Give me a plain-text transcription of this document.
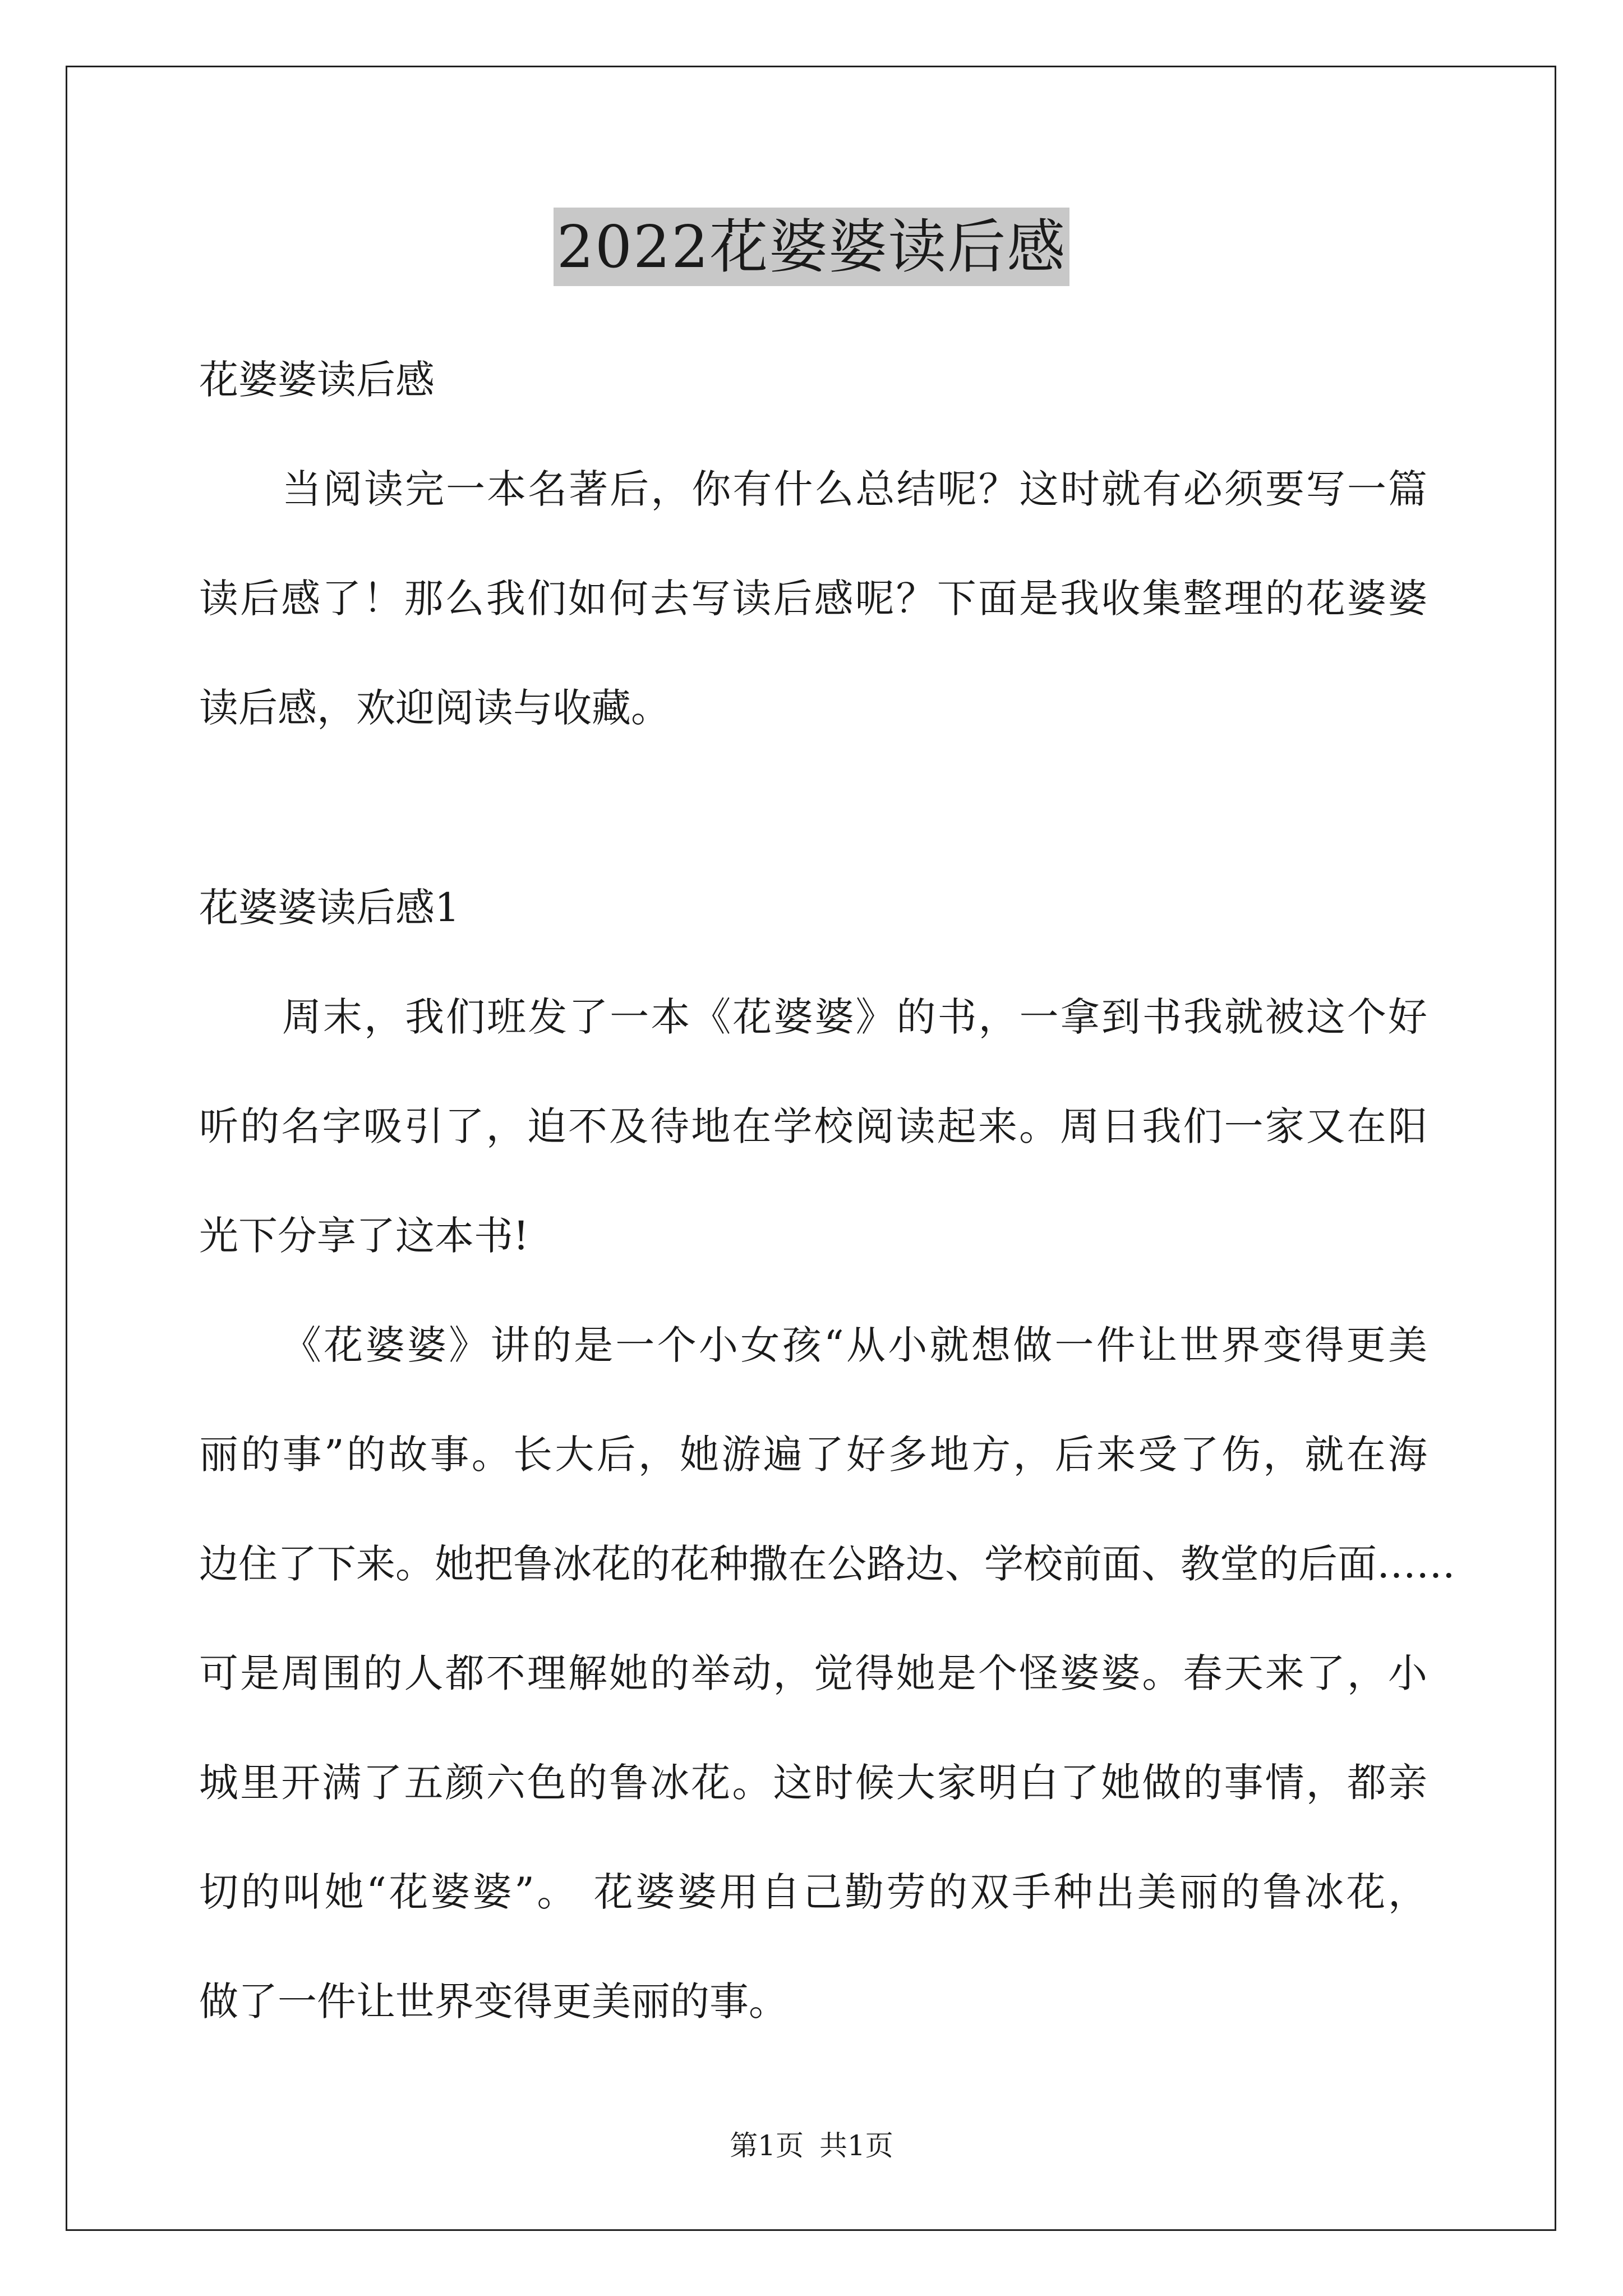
2022花婆婆读后感
花婆婆读后感
当阅读完一本名著后，你有什么总结呢？这时就有必须要写一篇
读后感了！那么我们如何去写读后感呢？下面是我收集整理的花婆婆
读后感，欢迎阅读与收藏。
花婆婆读后感1
周末，我们班发了一本《花婆婆》的书，一拿到书我就被这个好
听的名字吸引了，迫不及待地在学校阅读起来。周日我们一家又在阳
光下分享了这本书!
《花婆婆》讲的是一个小女孩“从小就想做一件让世界变得更美
丽的事”的故事。长大后，她游遍了好多地方，后来受了伤，就在海
边住了下来。她把鲁冰花的花种撒在公路边、学校前面、教堂的后面……
可是周围的人都不理解她的举动，觉得她是个怪婆婆。春天来了，小
城里开满了五颜六色的鲁冰花。这时候大家明白了她做的事情，都亲
切的叫她“花婆婆”。 花婆婆用自己勤劳的双手种出美丽的鲁冰花，
做了一件让世界变得更美丽的事。
第1页 共1页
